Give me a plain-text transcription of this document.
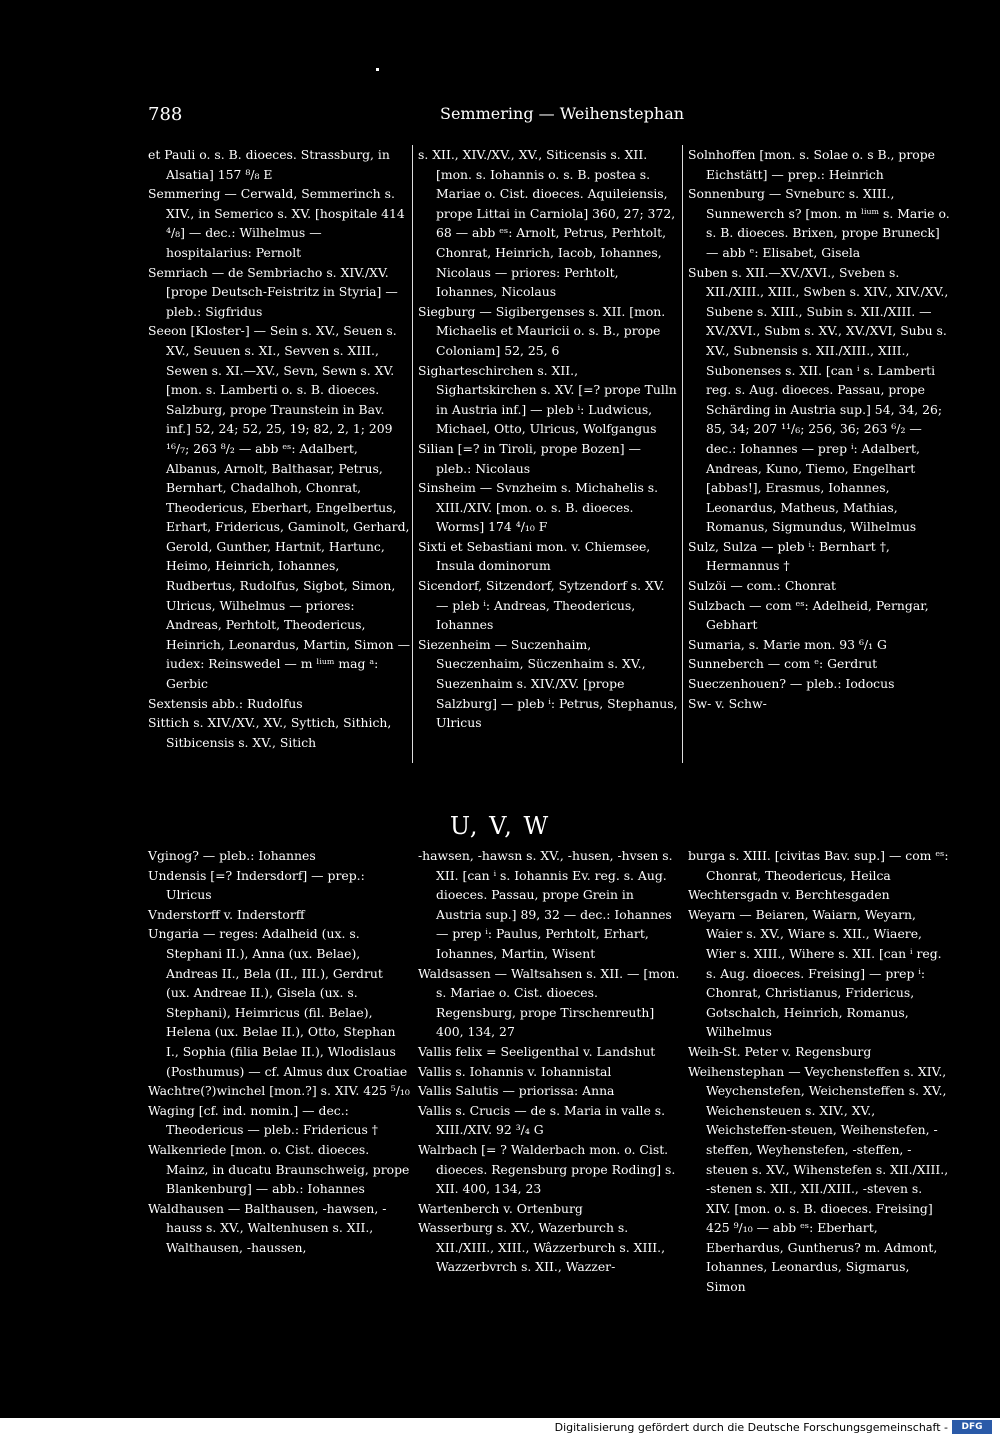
788	Semmering — Weihenstephan

et Pauli o. s. B. dioeces. Strassburg, in Alsatia] 157 ⁸/₈ E

Semmering — Cerwald, Semmerinch s. XIV., in Semerico s. XV. [hospitale 414 ⁴/₈] — dec.: Wilhelmus — hospitalarius: Pernolt

Semriach — de Sembriacho s. XIV./XV. [prope Deutsch-Feistritz in Styria] — pleb.: Sigfridus

Seeon [Kloster-] — Sein s. XV., Seuen s. XV., Seuuen s. XI., Sevven s. XIII., Sewen s. XI.—XV., Sevn, Sewn s. XV. [mon. s. Lamberti o. s. B. dioeces. Salzburg, prope Traunstein in Bav. inf.] 52, 24; 52, 25, 19; 82, 2, 1; 209 ¹⁶/₇; 263 ⁸/₂ — abb ᵉˢ: Adalbert, Albanus, Arnolt, Balthasar, Petrus, Bernhart, Chadalhoh, Chonrat, Theodericus, Eberhart, Engelbertus, Erhart, Fridericus, Gaminolt, Gerhard, Gerold, Gunther, Hartnit, Hartunc, Heimo, Heinrich, Iohannes, Rudbertus, Rudolfus, Sigbot, Simon, Ulricus, Wilhelmus — priores: Andreas, Perhtolt, Theodericus, Heinrich, Leonardus, Martin, Simon — iudex: Reinswedel — m ˡⁱᵘᵐ mag ᵃ: Gerbic

Sextensis abb.: Rudolfus

Sittich s. XIV./XV., XV., Syttich, Sithich, Sitbicensis s. XV., Sitich

s. XII., XIV./XV., XV., Siticensis s. XII. [mon. s. Iohannis o. s. B. postea s. Mariae o. Cist. dioeces. Aquileiensis, prope Littai in Carniola] 360, 27; 372, 68 — abb ᵉˢ: Arnolt, Petrus, Perhtolt, Chonrat, Heinrich, Iacob, Iohannes, Nicolaus — priores: Perhtolt, Iohannes, Nicolaus

Siegburg — Sigibergenses s. XII. [mon. Michaelis et Mauricii o. s. B., prope Coloniam] 52, 25, 6

Sigharteschirchen s. XII., Sighartskirchen s. XV. [=? prope Tulln in Austria inf.] — pleb ⁱ: Ludwicus, Michael, Otto, Ulricus, Wolfgangus

Silian [=? in Tiroli, prope Bozen] — pleb.: Nicolaus

Sinsheim — Svnzheim s. Michahelis s. XIII./XIV. [mon. o. s. B. dioeces. Worms] 174 ⁴/₁₀ F

Sixti et Sebastiani mon. v. Chiemsee, Insula dominorum

Sicendorf, Sitzendorf, Sytzendorf s. XV. — pleb ⁱ: Andreas, Theodericus, Iohannes

Siezenheim — Suczenhaim, Sueczenhaim, Süczenhaim s. XV., Suezenhaim s. XIV./XV. [prope Salzburg] — pleb ⁱ: Petrus, Stephanus, Ulricus

Solnhoffen [mon. s. Solae o. s B., prope Eichstätt] — prep.: Heinrich

Sonnenburg — Svneburc s. XIII., Sunnewerch s? [mon. m ˡⁱᵘᵐ s. Marie o. s. B. dioeces. Brixen, prope Bruneck] — abb ᵉ: Elisabet, Gisela

Suben s. XII.—XV./XVI., Sveben s. XII./XIII., XIII., Swben s. XIV., XIV./XV., Subene s. XIII., Subin s. XII./XIII. — XV./XVI., Subm s. XV., XV./XVI, Subu s. XV., Subnensis s. XII./XIII., XIII., Subonenses s. XII. [can ⁱ s. Lamberti reg. s. Aug. dioeces. Passau, prope Schärding in Austria sup.] 54, 34, 26; 85, 34; 207 ¹¹/₆; 256, 36; 263 ⁶/₂ — dec.: Iohannes — prep ⁱ: Adalbert, Andreas, Kuno, Tiemo, Engelhart [abbas!], Erasmus, Iohannes, Leonardus, Matheus, Mathias, Romanus, Sigmundus, Wilhelmus

Sulz, Sulza — pleb ⁱ: Bernhart †, Hermannus †

Sulzöi — com.: Chonrat

Sulzbach — com ᵉˢ: Adelheid, Perngar, Gebhart

Sumaria, s. Marie mon. 93 ⁶/₁ G

Sunneberch — com ᵉ: Gerdrut

Sueczenhouen? — pleb.: Iodocus

Sw- v. Schw-

U, V, W

Vginog? — pleb.: Iohannes

Undensis [=? Indersdorf] — prep.: Ulricus

Vnderstorff v. Inderstorff

Ungaria — reges: Adalheid (ux. s. Stephani II.), Anna (ux. Belae), Andreas II., Bela (II., III.), Gerdrut (ux. Andreae II.), Gisela (ux. s. Stephani), Heimricus (fil. Belae), Helena (ux. Belae II.), Otto, Stephan I., Sophia (filia Belae II.), Wlodislaus (Posthumus) — cf. Almus dux Croatiae

Wachtre(?)winchel [mon.?] s. XIV. 425 ⁵/₁₀

Waging [cf. ind. nomin.] — dec.: Theodericus — pleb.: Fridericus †

Walkenriede [mon. o. Cist. dioeces. Mainz, in ducatu Braunschweig, prope Blankenburg] — abb.: Iohannes

Waldhausen — Balthausen, -hawsen, -hauss s. XV., Waltenhusen s. XII., Walthausen, -haussen,

-hawsen, -hawsn s. XV., -husen, -hvsen s. XII. [can ⁱ s. Iohannis Ev. reg. s. Aug. dioeces. Passau, prope Grein in Austria sup.] 89, 32 — dec.: Iohannes — prep ⁱ: Paulus, Perhtolt, Erhart, Iohannes, Martin, Wisent

Waldsassen — Waltsahsen s. XII. — [mon. s. Mariae o. Cist. dioeces. Regensburg, prope Tirschenreuth] 400, 134, 27

Vallis felix = Seeligenthal v. Landshut

Vallis s. Iohannis v. Iohannistal

Vallis Salutis — priorissa: Anna

Vallis s. Crucis — de s. Maria in valle s. XIII./XIV. 92 ³/₄ G

Walrbach [= ? Walderbach mon. o. Cist. dioeces. Regensburg prope Roding] s. XII. 400, 134, 23

Wartenberch v. Ortenburg

Wasserburg s. XV., Wazerburch s. XII./XIII., XIII., Wâzzerburch s. XIII., Wazzerbvrch s. XII., Wazzer-

burga s. XIII. [civitas Bav. sup.] — com ᵉˢ: Chonrat, Theodericus, Heilca

Wechtersgadn v. Berchtesgaden

Weyarn — Beiaren, Waiarn, Weyarn, Waier s. XV., Wiare s. XII., Wiaere, Wier s. XIII., Wihere s. XII. [can ⁱ reg. s. Aug. dioeces. Freising] — prep ⁱ: Chonrat, Christianus, Fridericus, Gotschalch, Heinrich, Romanus, Wilhelmus

Weih-St. Peter v. Regensburg

Weihenstephan — Veychensteffen s. XIV., Weychenstefen, Weichensteffen s. XV., Weichensteuen s. XIV., XV., Weichsteffen-steuen, Weihenstefen, -steffen, Weyhenstefen, -steffen, -steuen s. XV., Wihenstefen s. XII./XIII., -stenen s. XII., XII./XIII., -steven s. XIV. [mon. o. s. B. dioeces. Freising] 425 ⁹/₁₀ — abb ᵉˢ: Eberhart, Eberhardus, Guntherus? m. Admont, Iohannes, Leonardus, Sigmarus, Simon

Digitalisierung gefördert durch die Deutsche Forschungsgemeinschaft -	DFG
